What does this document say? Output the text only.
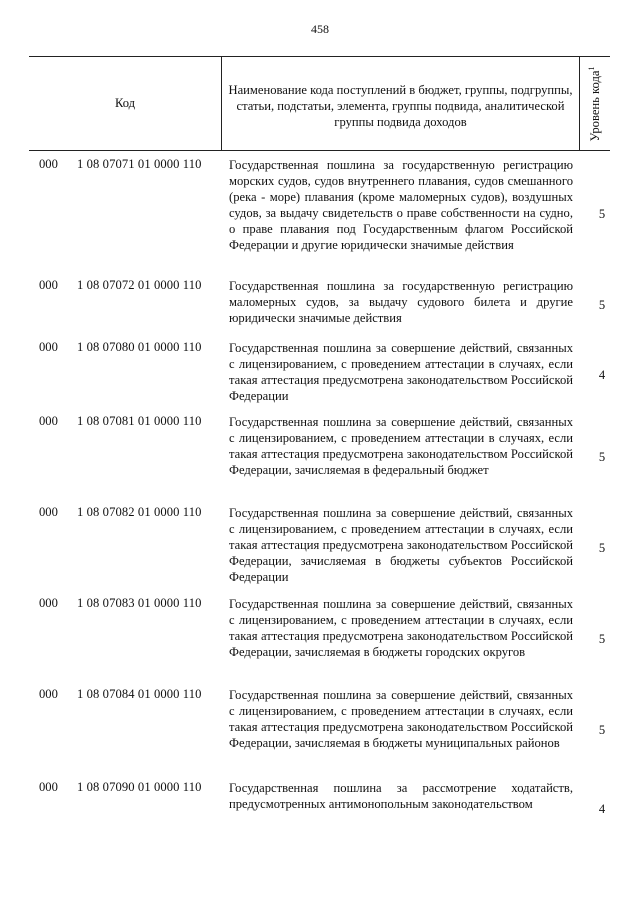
458
Код
Наименование кода поступлений в бюджет, группы, подгруппы, статьи, подстатьи, элемента, группы подвида, аналитической группы подвида доходов	Уровень кода$^1$
000 1 08 07071 01 0000 110 Государственная пошлина за государственную регистрацию морских судов, судов внутреннего плавания, судов смешанного (река - море) плавания (кроме маломерных судов), воздушных судов, за выдачу свидетельств о праве собственности на судно, о праве плавания под Государственным флагом Российской Федерации и другие юридически значимые действия
5
000 1 08 07072 01 0000 110 Государственная пошлина за государственную регистрацию маломерных судов, за выдачу судового билета и другие юридически значимые действия
5
000 1 08 07080 01 0000 110 Государственная пошлина за совершение действий, связанных с лицензированием, с проведением аттестации в случаях, если такая аттестация предусмотрена законодательством Российской Федерации
4
000 1 08 07081 01 0000 110 Государственная пошлина за совершение действий, связанных с лицензированием, с проведением аттестации в случаях, если такая аттестация предусмотрена законодательством Российской Федерации, зачисляемая в федеральный бюджет
5
000 1 08 07082 01 0000 110 Государственная пошлина за совершение действий, связанных с лицензированием, с проведением аттестации в случаях, если такая аттестация предусмотрена законодательством Российской Федерации, зачисляемая в бюджеты субъектов Российской Федерации
5
000 1 08 07083 01 0000 110 Государственная пошлина за совершение действий, связанных с лицензированием, с проведением аттестации в случаях, если такая аттестация предусмотрена законодательством Российской Федерации, зачисляемая в бюджеты городских округов
5
000 1 08 07084 01 0000 110 Государственная пошлина за совершение действий, связанных с лицензированием, с проведением аттестации в случаях, если такая аттестация предусмотрена законодательством Российской Федерации, зачисляемая в бюджеты муниципальных районов
5
000 1 08 07090 01 0000 110 Государственная пошлина за рассмотрение ходатайств, предусмотренных антимонопольным законодательством	4
